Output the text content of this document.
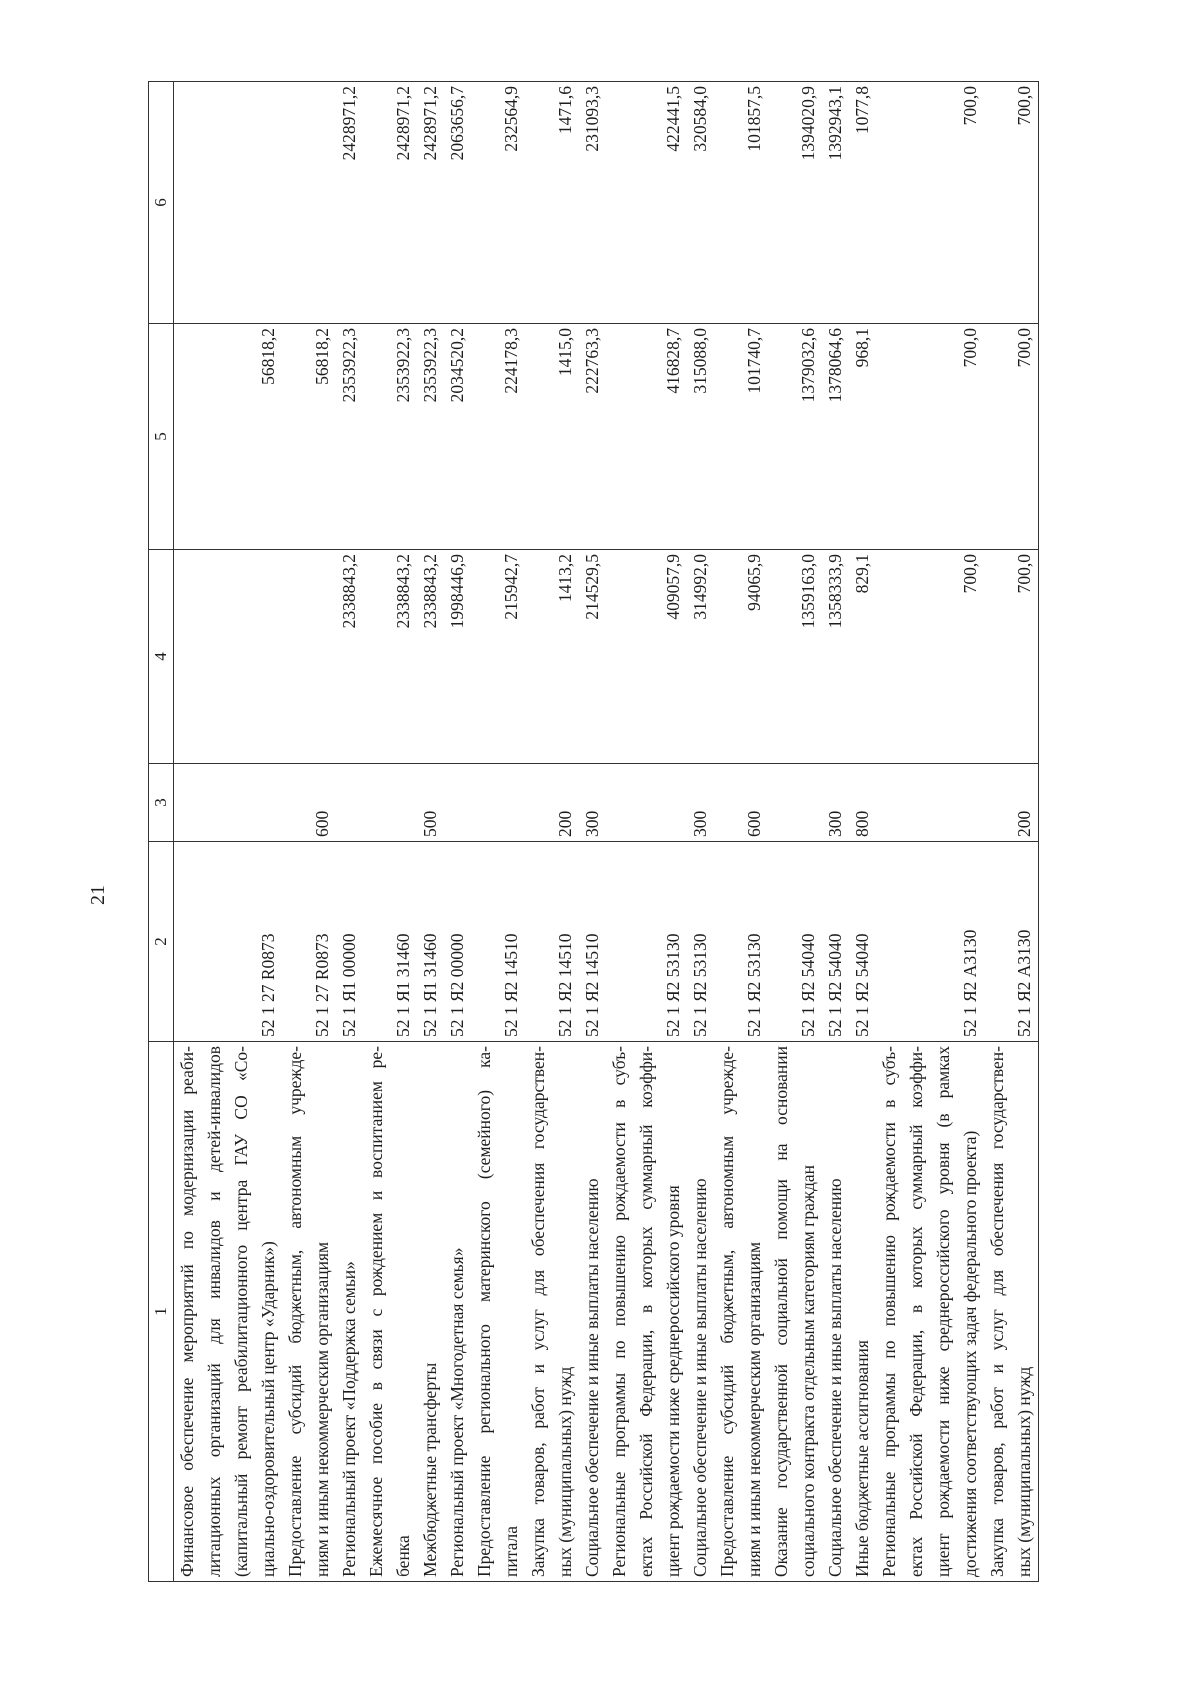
21
1	2	3	4	5	6

Финансовое обеспечение мероприятий по модернизации реаби- литационных организаций для инвалидов и детей-инвалидов (капитальный ремонт реабилитационного центра ГАУ СО «Со- циально-оздоровительный центр «Ударник»)	52 1 27 R0873			56818,2	

Предоставление субсидий бюджетным, автономным учрежде- ниям и иным некоммерческим организациям	52 1 27 R0873	600		56818,2	

Региональный проект «Поддержка семьи»	52 1 Я1 00000		2338843,2	2353922,3	2428971,2

Ежемесячное пособие в связи с рождением и воспитанием ре- бенка	52 1 Я1 31460		2338843,2	2353922,3	2428971,2

Межбюджетные трансферты	52 1 Я1 31460	500	2338843,2	2353922,3	2428971,2

Региональный проект «Многодетная семья»	52 1 Я2 00000		1998446,9	2034520,2	2063656,7

Предоставление регионального материнского (семейного) ка- питала	52 1 Я2 14510		215942,7	224178,3	232564,9

Закупка товаров, работ и услуг для обеспечения государствен- ных (муниципальных) нужд	52 1 Я2 14510	200	1413,2	1415,0	1471,6

Социальное обеспечение и иные выплаты населению	52 1 Я2 14510	300	214529,5	222763,3	231093,3

Региональные программы по повышению рождаемости в субъ- ектах Российской Федерации, в которых суммарный коэффи- циент рождаемости ниже среднероссийского уровня	52 1 Я2 53130		409057,9	416828,7	422441,5

Социальное обеспечение и иные выплаты населению	52 1 Я2 53130	300	314992,0	315088,0	320584,0

Предоставление субсидий бюджетным, автономным учрежде- ниям и иным некоммерческим организациям	52 1 Я2 53130	600	94065,9	101740,7	101857,5

Оказание государственной социальной помощи на основании социального контракта отдельным категориям граждан	52 1 Я2 54040		1359163,0	1379032,6	1394020,9

Социальное обеспечение и иные выплаты населению	52 1 Я2 54040	300	1358333,9	1378064,6	1392943,1

Иные бюджетные ассигнования	52 1 Я2 54040	800	829,1	968,1	1077,8

Региональные программы по повышению рождаемости в субъ- ектах Российской Федерации, в которых суммарный коэффи- циент рождаемости ниже среднероссийского уровня (в рамках достижения соответствующих задач федерального проекта)	52 1 Я2 А3130		700,0	700,0	700,0

Закупка товаров, работ и услуг для обеспечения государствен- ных (муниципальных) нужд	52 1 Я2 А3130	200	700,0	700,0	700,0
